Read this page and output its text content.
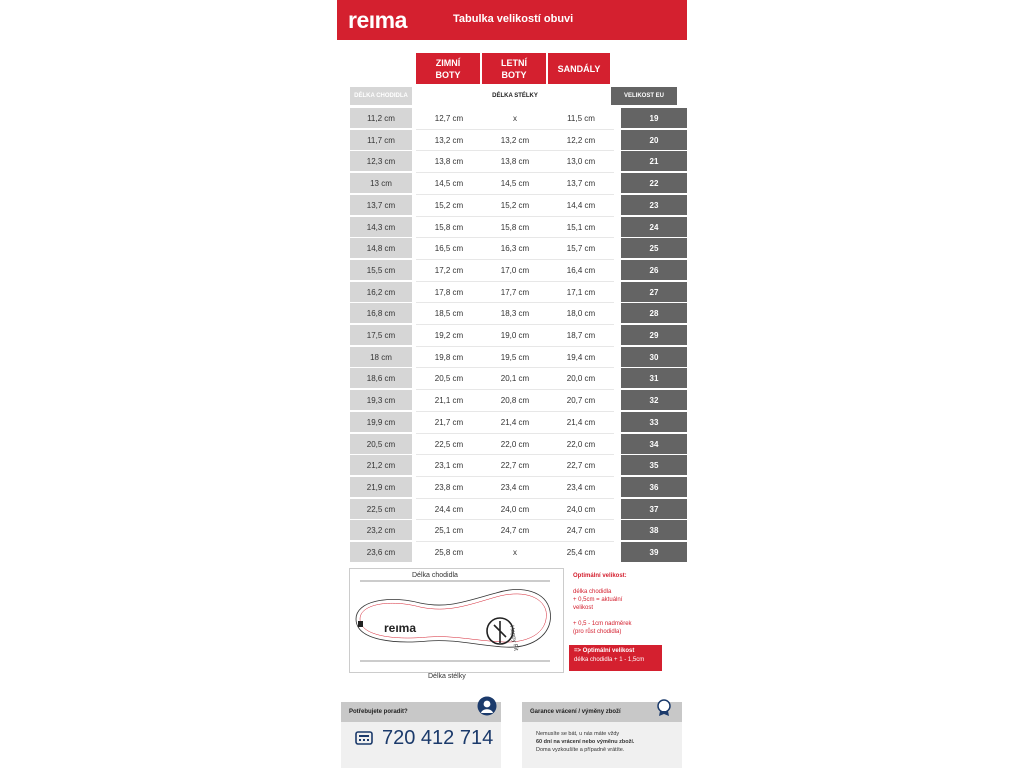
reıma	Tabulka velikostí obuvi
ZIMNÍ
BOTY
LETNÍ
BOTY
SANDÁLY
DÉLKA CHODIDLA	DÉLKA STÉLKY	VELIKOST EU
11,2 cm	12,7 cm	x	11,5 cm	19
11,7 cm	13,2 cm	13,2 cm	12,2 cm	20
12,3 cm	13,8 cm	13,8 cm	13,0 cm	21
13 cm	14,5 cm	14,5 cm	13,7 cm	22
13,7 cm	15,2 cm	15,2 cm	14,4 cm	23
14,3 cm	15,8 cm	15,8 cm	15,1 cm	24
14,8 cm	16,5 cm	16,3 cm	15,7 cm	25
15,5 cm	17,2 cm	17,0 cm	16,4 cm	26
16,2 cm	17,8 cm	17,7 cm	17,1 cm	27
16,8 cm	18,5 cm	18,3 cm	18,0 cm	28
17,5 cm	19,2 cm	19,0 cm	18,7 cm	29
18 cm	19,8 cm	19,5 cm	19,4 cm	30
18,6 cm	20,5 cm	20,1 cm	20,0 cm	31
19,3 cm	21,1 cm	20,8 cm	20,7 cm	32
19,9 cm	21,7 cm	21,4 cm	21,4 cm	33
20,5 cm	22,5 cm	22,0 cm	22,0 cm	34
21,2 cm	23,1 cm	22,7 cm	22,7 cm	35
21,9 cm	23,8 cm	23,4 cm	23,4 cm	36
22,5 cm	24,4 cm	24,0 cm	24,0 cm	37
23,2 cm	25,1 cm	24,7 cm	24,7 cm	38
23,6 cm	25,8 cm	x	25,4 cm	39
Délka chodidla
reıma	Happy Fit
Délka stélky
Optimální velikost:
délka chodidla
+ 0,5cm = aktuální
velikost
+ 0,5 - 1cm nadměrek
(pro růst chodidla)
=> Optimální velikost
délka chodidla + 1 - 1,5cm
Potřebujete poradit?
720 412 714
Garance vrácení / výměny zboží
Nemusíte se bát, u nás máte vždy
60 dní na vrácení nebo výměnu zboží.
Doma vyzkoušíte a případně vrátíte.
